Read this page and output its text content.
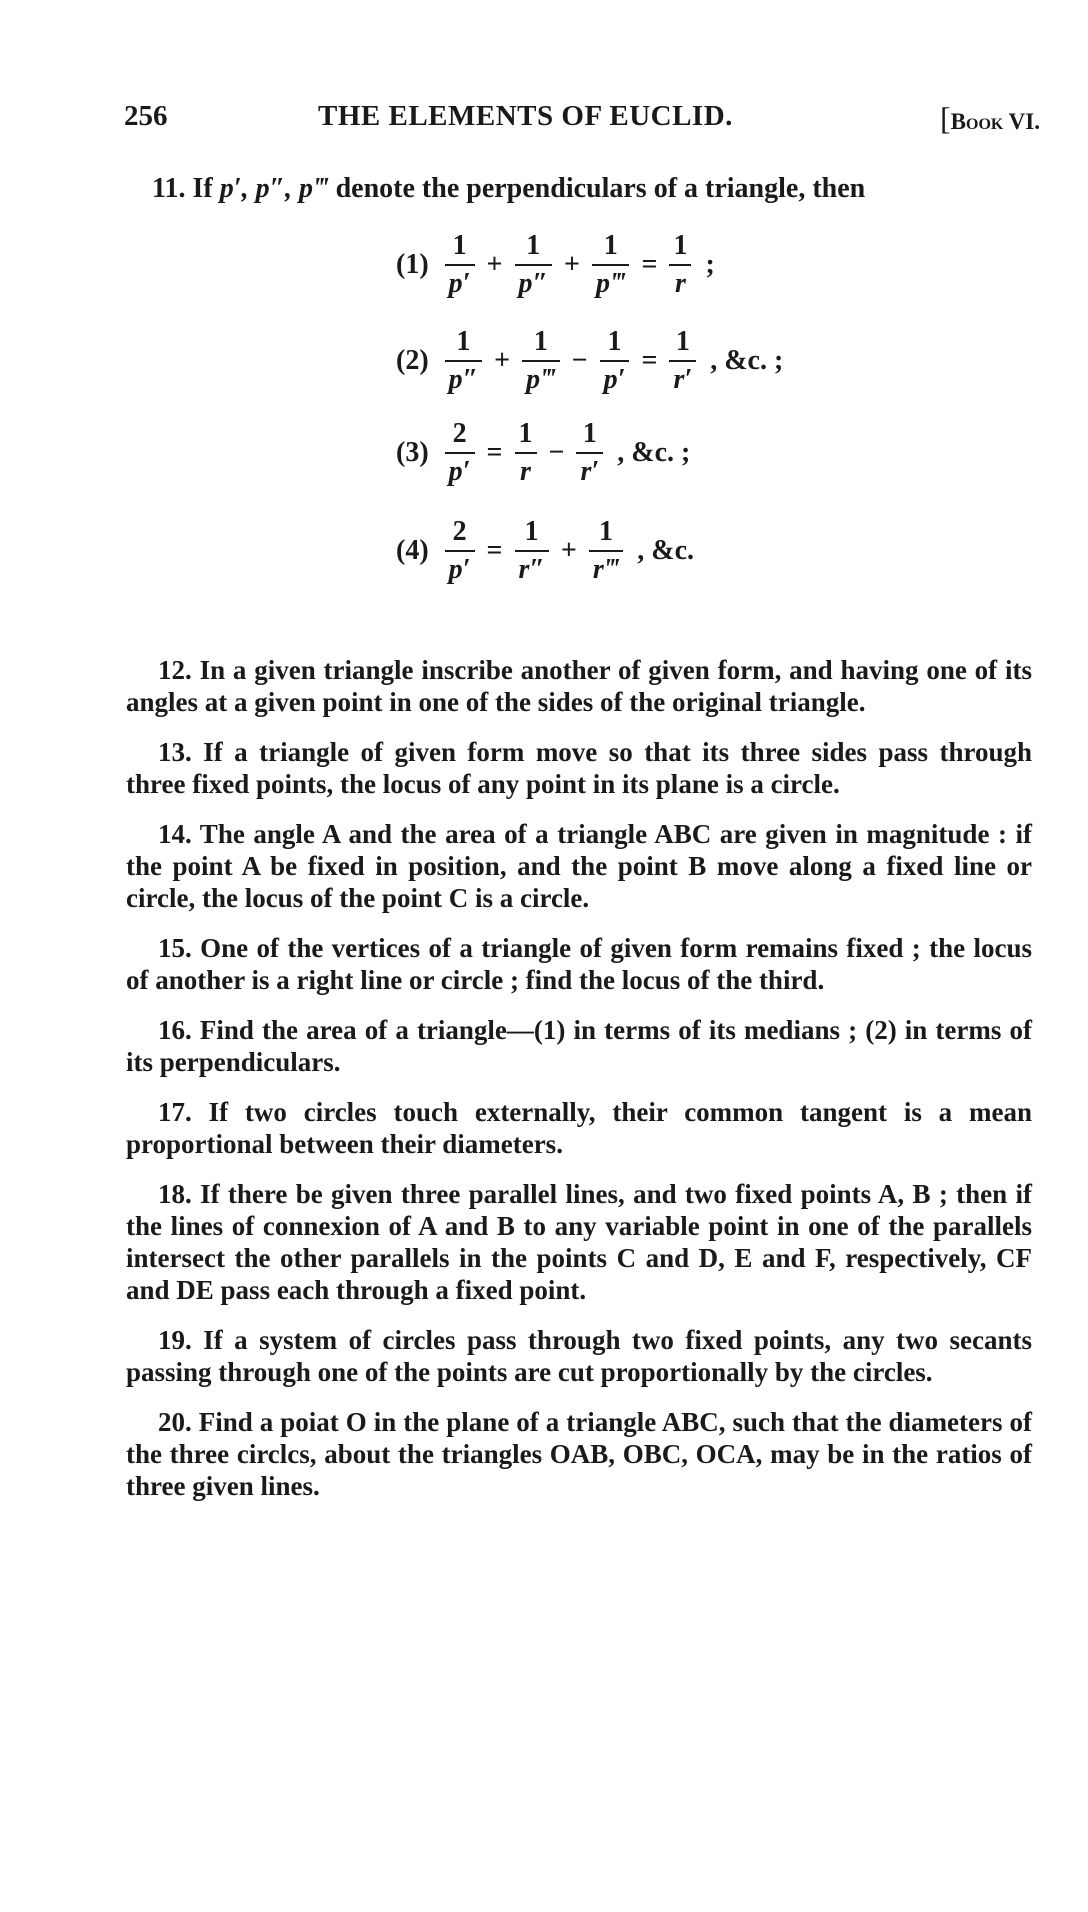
256	THE ELEMENTS OF EUCLID.	[Book VI.
11. If p′, p″, p‴ denote the perpendiculars of a triangle, then
$(1) \frac{1}{p'} + \frac{1}{p''} + \frac{1}{p‴} = \frac{1}{r}$ ;
$(2) \frac{1}{p''} + \frac{1}{p‴} - \frac{1}{p'} = \frac{1}{r'}$ , &c. ;
$(3) \frac{2}{p'} = \frac{1}{r} - \frac{1}{r'}$ , &c. ;
$(4) \frac{2}{p'} = \frac{1}{r''} + \frac{1}{r‴}$ , &c.

12. In a given triangle inscribe another of given form, and having one of its angles at a given point in one of the sides of the original triangle.

13. If a triangle of given form move so that its three sides pass through three fixed points, the locus of any point in its plane is a circle.

14. The angle A and the area of a triangle ABC are given in magnitude : if the point A be fixed in position, and the point B move along a fixed line or circle, the locus of the point C is a circle.

15. One of the vertices of a triangle of given form remains fixed ; the locus of another is a right line or circle ; find the locus of the third.

16. Find the area of a triangle—(1) in terms of its medians ; (2) in terms of its perpendiculars.

17. If two circles touch externally, their common tangent is a mean proportional between their diameters.

18. If there be given three parallel lines, and two fixed points A, B ; then if the lines of connexion of A and B to any variable point in one of the parallels intersect the other parallels in the points C and D, E and F, respectively, CF and DE pass each through a fixed point.

19. If a system of circles pass through two fixed points, any two secants passing through one of the points are cut proportionally by the circles.

20. Find a poiat O in the plane of a triangle ABC, such that the diameters of the three circlcs, about the triangles OAB, OBC, OCA, may be in the ratios of three given lines.
